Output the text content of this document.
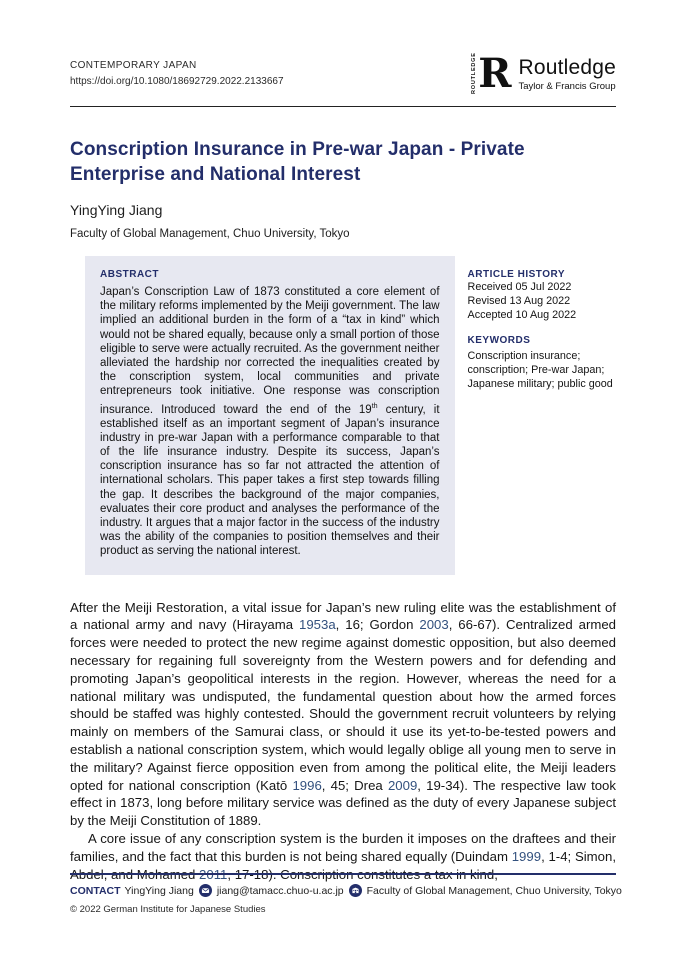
CONTEMPORARY JAPAN
https://doi.org/10.1080/18692729.2022.2133667	ROUTLEDGE R Routledge
Taylor & Francis Group
Conscription Insurance in Pre-war Japan - Private Enterprise and National Interest
YingYing Jiang
Faculty of Global Management, Chuo University, Tokyo
ABSTRACT

Japan’s Conscription Law of 1873 constituted a core element of the military reforms implemented by the Meiji government. The law implied an additional burden in the form of a “tax in kind” which would not be shared equally, because only a small portion of those eligible to serve were actually recruited. As the government neither alleviated the hardship nor corrected the inequalities created by the conscription system, local communities and private entrepreneurs took initiative. One response was conscription insurance. Introduced toward the end of the 19th century, it established itself as an important segment of Japan’s insurance industry in pre-war Japan with a performance comparable to that of the life insurance industry. Despite its success, Japan’s conscription insurance has so far not attracted the attention of international scholars. This paper takes a first step towards filling the gap. It describes the background of the major companies, evaluates their core product and analyses the performance of the industry. It argues that a major factor in the success of the industry was the ability of the companies to position themselves and their product as serving the national interest.

ARTICLE HISTORY
Received 05 Jul 2022
Revised 13 Aug 2022
Accepted 10 Aug 2022
KEYWORDS
Conscription insurance; conscription; Pre-war Japan; Japanese military; public good

After the Meiji Restoration, a vital issue for Japan’s new ruling elite was the establishment of a national army and navy (Hirayama 1953a, 16; Gordon 2003, 66-67). Centralized armed forces were needed to protect the new regime against domestic opposition, but also deemed necessary for regaining full sovereignty from the Western powers and for defending and promoting Japan’s geopolitical interests in the region. However, whereas the need for a national military was undisputed, the fundamental question about how the armed forces should be staffed was highly contested. Should the government recruit volunteers by relying mainly on members of the Samurai class, or should it use its yet-to-be-tested powers and establish a national conscription system, which would legally oblige all young men to serve in the military? Against fierce opposition even from among the political elite, the Meiji leaders opted for national conscription (Katō 1996, 45; Drea 2009, 19-34). The respective law took effect in 1873, long before military service was defined as the duty of every Japanese subject by the Meiji Constitution of 1889.

A core issue of any conscription system is the burden it imposes on the draftees and their families, and the fact that this burden is not being shared equally (Duindam 1999, 1-4; Simon, Abdel, and Mohamed 2011, 17-18). Conscription constitutes a tax in kind,

CONTACT YingYing Jiang jiang@tamacc.chuo-u.ac.jp Faculty of Global Management, Chuo University, Tokyo
© 2022 German Institute for Japanese Studies
